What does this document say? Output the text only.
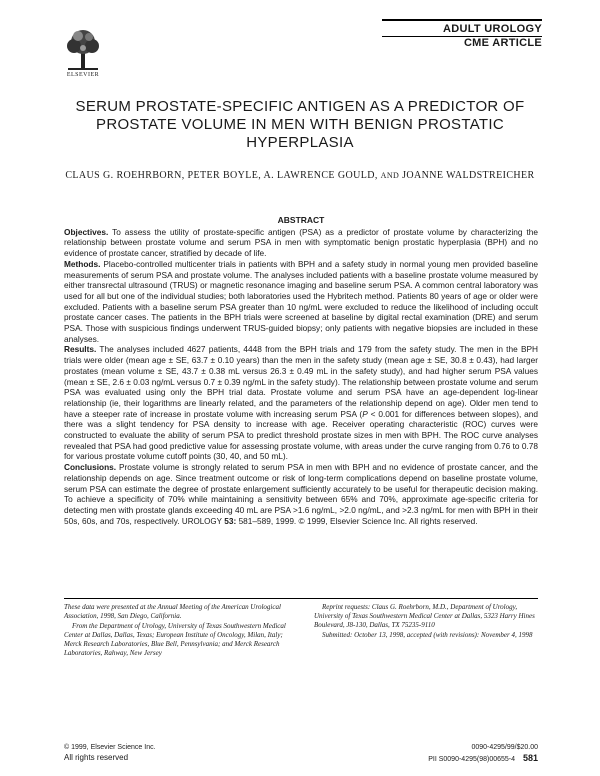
ELSEVIER
ADULT UROLOGY
CME ARTICLE
SERUM PROSTATE-SPECIFIC ANTIGEN AS A PREDICTOR OF PROSTATE VOLUME IN MEN WITH BENIGN PROSTATIC HYPERPLASIA
CLAUS G. ROEHRBORN, PETER BOYLE, A. LAWRENCE GOULD, AND JOANNE WALDSTREICHER
ABSTRACT

Objectives. To assess the utility of prostate-specific antigen (PSA) as a predictor of prostate volume by characterizing the relationship between prostate volume and serum PSA in men with symptomatic benign prostatic hyperplasia (BPH) and no evidence of prostate cancer, stratified by decade of life.

Methods. Placebo-controlled multicenter trials in patients with BPH and a safety study in normal young men provided baseline measurements of serum PSA and prostate volume. The analyses included patients with a baseline prostate volume measured by either transrectal ultrasound (TRUS) or magnetic resonance imaging and baseline serum PSA. A common central laboratory was used for all but one of the individual studies; both laboratories used the Hybritech method. Patients 80 years of age or older were excluded. Patients with a baseline serum PSA greater than 10 ng/mL were excluded to reduce the likelihood of including occult prostate cancer cases. The patients in the BPH trials were screened at baseline by digital rectal examination (DRE) and serum PSA. Those with suspicious findings underwent TRUS-guided biopsy; only patients with negative biopsies are included in these analyses.

Results. The analyses included 4627 patients, 4448 from the BPH trials and 179 from the safety study. The men in the BPH trials were older (mean age ± SE, 63.7 ± 0.10 years) than the men in the safety study (mean age ± SE, 30.8 ± 0.43), had larger prostates (mean volume ± SE, 43.7 ± 0.38 mL versus 26.3 ± 0.49 mL in the safety study), and had higher serum PSA values (mean ± SE, 2.6 ± 0.03 ng/mL versus 0.7 ± 0.39 ng/mL in the safety study). The relationship between prostate volume and serum PSA was evaluated using only the BPH trial data. Prostate volume and serum PSA have an age-dependent log-linear relationship (ie, their logarithms are linearly related, and the parameters of the relationship depend on age). Older men tend to have a steeper rate of increase in prostate volume with increasing serum PSA (P < 0.001 for differences between slopes), and there was a slight tendency for PSA density to increase with age. Receiver operating characteristic (ROC) curves were constructed to evaluate the ability of serum PSA to predict threshold prostate sizes in men with BPH. The ROC curve analyses revealed that PSA had good predictive value for assessing prostate volume, with areas under the curve ranging from 0.76 to 0.78 for various prostate volume cutoff points (30, 40, and 50 mL).

Conclusions. Prostate volume is strongly related to serum PSA in men with BPH and no evidence of prostate cancer, and the relationship depends on age. Since treatment outcome or risk of long-term complications depend on baseline prostate volume, serum PSA can estimate the degree of prostate enlargement sufficiently accurately to be useful for therapeutic decision making. To achieve a specificity of 70% while maintaining a sensitivity between 65% and 70%, approximate age-specific criteria for detecting men with prostate glands exceeding 40 mL are PSA >1.6 ng/mL, >2.0 ng/mL, and >2.3 ng/mL for men with BPH in their 50s, 60s, and 70s, respectively. UROLOGY 53: 581–589, 1999. © 1999, Elsevier Science Inc. All rights reserved.

These data were presented at the Annual Meeting of the American Urological Association, 1998, San Diego, California.

From the Department of Urology, University of Texas Southwestern Medical Center at Dallas, Dallas, Texas; European Institute of Oncology, Milan, Italy; Merck Research Laboratories, Blue Bell, Pennsylvania; and Merck Research Laboratories, Rahway, New Jersey

Reprint requests: Claus G. Roehrborn, M.D., Department of Urology, University of Texas Southwestern Medical Center at Dallas, 5323 Harry Hines Boulevard, J8-130, Dallas, TX 75235-9110

Submitted: October 13, 1998, accepted (with revisions): November 4, 1998

© 1999, Elsevier Science Inc.
All rights reserved
0090-4295/99/$20.00
PII S0090-4295(98)00655-4 581
